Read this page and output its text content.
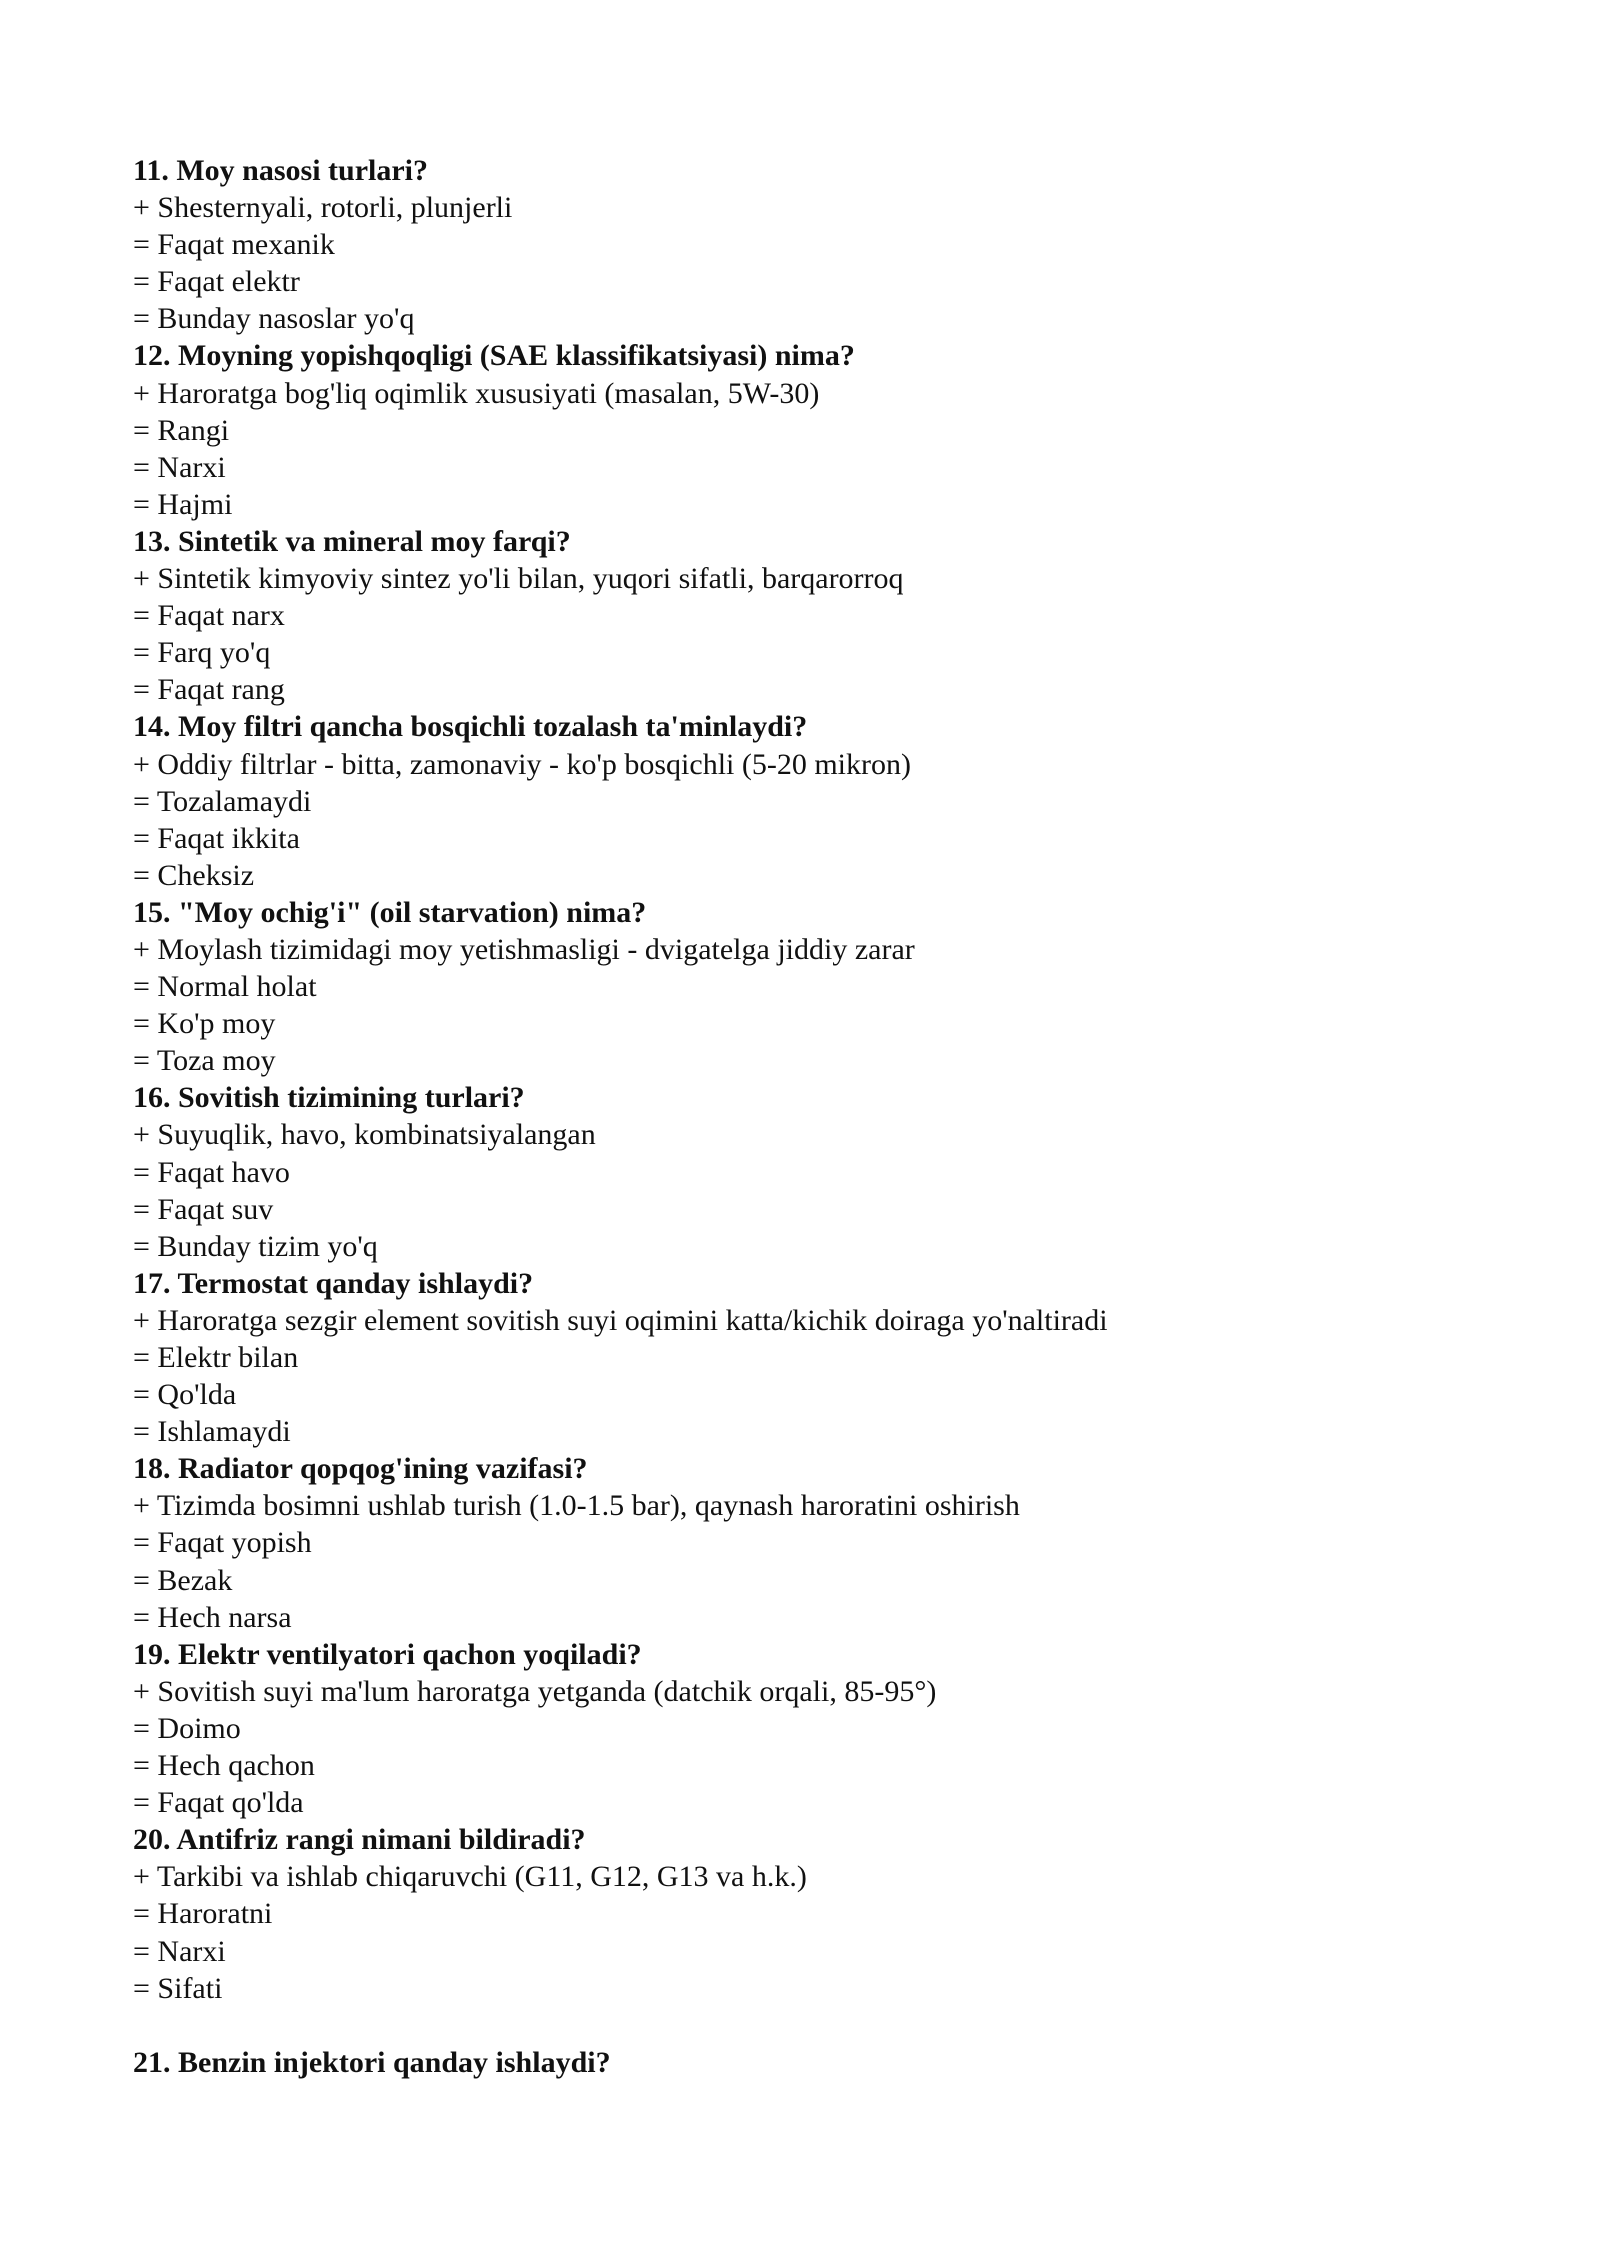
11. Moy nasosi turlari?
+ Shesternyali, rotorli, plunjerli
= Faqat mexanik
= Faqat elektr
= Bunday nasoslar yo'q
12. Moyning yopishqoqligi (SAE klassifikatsiyasi) nima?
+ Haroratga bog'liq oqimlik xususiyati (masalan, 5W-30)
= Rangi
= Narxi
= Hajmi
13. Sintetik va mineral moy farqi?
+ Sintetik kimyoviy sintez yo'li bilan, yuqori sifatli, barqarorroq
= Faqat narx
= Farq yo'q
= Faqat rang
14. Moy filtri qancha bosqichli tozalash ta'minlaydi?
+ Oddiy filtrlar - bitta, zamonaviy - ko'p bosqichli (5-20 mikron)
= Tozalamaydi
= Faqat ikkita
= Cheksiz
15. "Moy ochig'i" (oil starvation) nima?
+ Moylash tizimidagi moy yetishmasligi - dvigatelga jiddiy zarar
= Normal holat
= Ko'p moy
= Toza moy
16. Sovitish tizimining turlari?
+ Suyuqlik, havo, kombinatsiyalangan
= Faqat havo
= Faqat suv
= Bunday tizim yo'q
17. Termostat qanday ishlaydi?
+ Haroratga sezgir element sovitish suyi oqimini katta/kichik doiraga yo'naltiradi
= Elektr bilan
= Qo'lda
= Ishlamaydi
18. Radiator qopqog'ining vazifasi?
+ Tizimda bosimni ushlab turish (1.0-1.5 bar), qaynash haroratini oshirish
= Faqat yopish
= Bezak
= Hech narsa
19. Elektr ventilyatori qachon yoqiladi?
+ Sovitish suyi ma'lum haroratga yetganda (datchik orqali, 85-95°)
= Doimo
= Hech qachon
= Faqat qo'lda
20. Antifriz rangi nimani bildiradi?
+ Tarkibi va ishlab chiqaruvchi (G11, G12, G13 va h.k.)
= Haroratni
= Narxi
= Sifati
21. Benzin injektori qanday ishlaydi?
